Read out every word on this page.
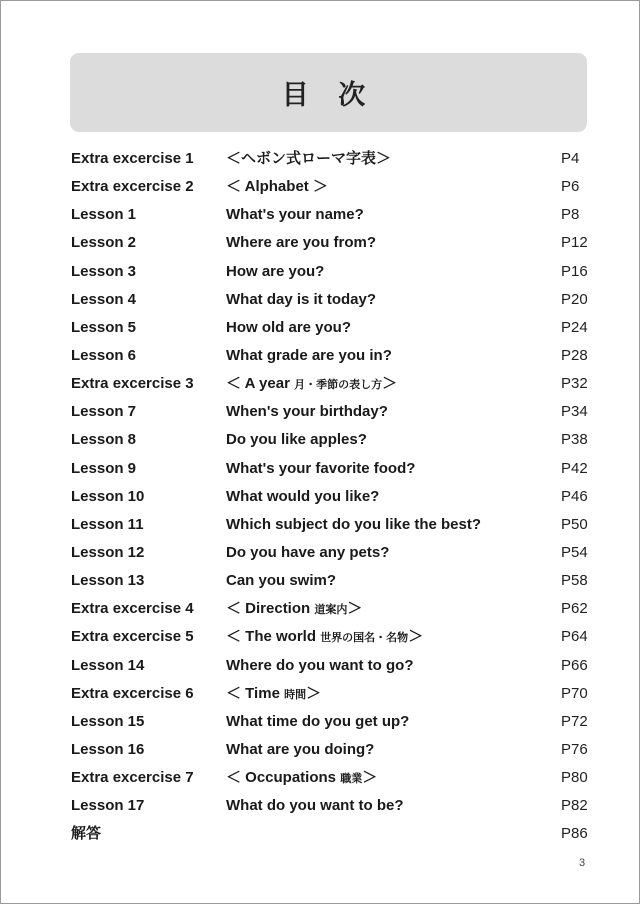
目 次
Extra excercise 1 ＜ヘボン式ローマ字表＞	P4
Extra excercise 2 ＜ Alphabet ＞	P6
Lesson 1	What's your name?	P8
Lesson 2	Where are you from?	P12
Lesson 3	How are you?	P16
Lesson 4	What day is it today?	P20
Lesson 5	How old are you?	P24
Lesson 6	What grade are you in?	P28
Extra excercise 3 ＜ A year 月・季節の表し方＞	P32
Lesson 7	When's your birthday?	P34
Lesson 8	Do you like apples?	P38
Lesson 9	What's your favorite food?	P42
Lesson 10	What would you like?	P46
Lesson 11	Which subject do you like the best?	P50
Lesson 12	Do you have any pets?	P54
Lesson 13	Can you swim?	P58
Extra excercise 4 ＜ Direction 道案内＞	P62
Extra excercise 5 ＜ The world 世界の国名・名物＞	P64
Lesson 14	Where do you want to go?	P66
Extra excercise 6 ＜ Time 時間＞	P70
Lesson 15	What time do you get up?	P72
Lesson 16	What are you doing?	P76
Extra excercise 7 ＜ Occupations 職業＞	P80
Lesson 17	What do you want to be?	P82
解答	P86
3
